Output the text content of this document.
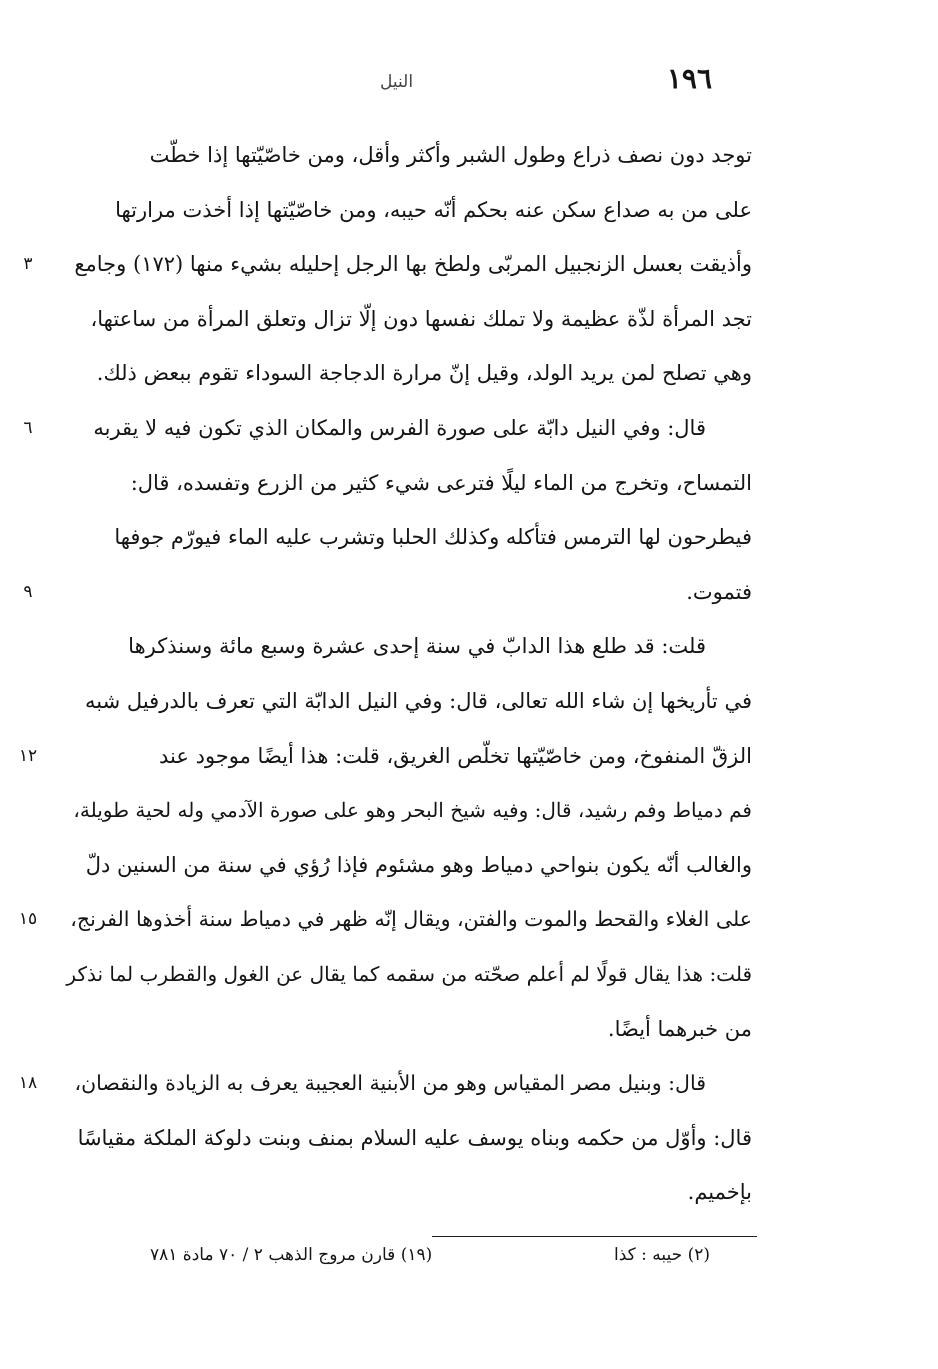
١٩٦
النيل
توجد دون نصف ذراع وطول الشبر وأكثر وأقل، ومن خاصّيّتها إذا خطّت
على من به صداع سكن عنه بحكم أنّه حيبه، ومن خاصّيّتها إذا أخذت مرارتها
وأذيقت بعسل الزنجبيل المربّى ولطخ بها الرجل إحليله بشيء منها (١٧٢) وجامع
٣
تجد المرأة لذّة عظيمة ولا تملك نفسها دون إلّا تزال وتعلق المرأة من ساعتها،
وهي تصلح لمن يريد الولد، وقيل إنّ مرارة الدجاجة السوداء تقوم ببعض ذلك.
قال: وفي النيل دابّة على صورة الفرس والمكان الذي تكون فيه لا يقربه
٦
التمساح، وتخرج من الماء ليلًا فترعى شيء كثير من الزرع وتفسده، قال:
فيطرحون لها الترمس فتأكله وكذلك الحلبا وتشرب عليه الماء فيورّم جوفها
فتموت.
٩
قلت: قد طلع هذا الدابّ في سنة إحدى عشرة وسبع مائة وسنذكرها
في تأريخها إن شاء الله تعالى، قال: وفي النيل الدابّة التي تعرف بالدرفيل شبه
الزقّ المنفوخ، ومن خاصّيّتها تخلّص الغريق، قلت: هذا أيضًا موجود عند
١٢
فم دمياط وفم رشيد، قال: وفيه شيخ البحر وهو على صورة الآدمي وله لحية طويلة،
والغالب أنّه يكون بنواحي دمياط وهو مشئوم فإذا رُؤي في سنة من السنين دلّ
على الغلاء والقحط والموت والفتن، ويقال إنّه ظهر في دمياط سنة أخذوها الفرنج،
١٥
قلت: هذا يقال قولًا لم أعلم صحّته من سقمه كما يقال عن الغول والقطرب لما نذكر
من خبرهما أيضًا.
قال: وبنيل مصر المقياس وهو من الأبنية العجيبة يعرف به الزيادة والنقصان،
١٨
قال: وأوّل من حكمه وبناه يوسف عليه السلام بمنف وبنت دلوكة الملكة مقياسًا
بإخميم.
(٢) حيبه : كذا
(١٩) قارن مروج الذهب ٢ / ٧٠ مادة ٧٨١
